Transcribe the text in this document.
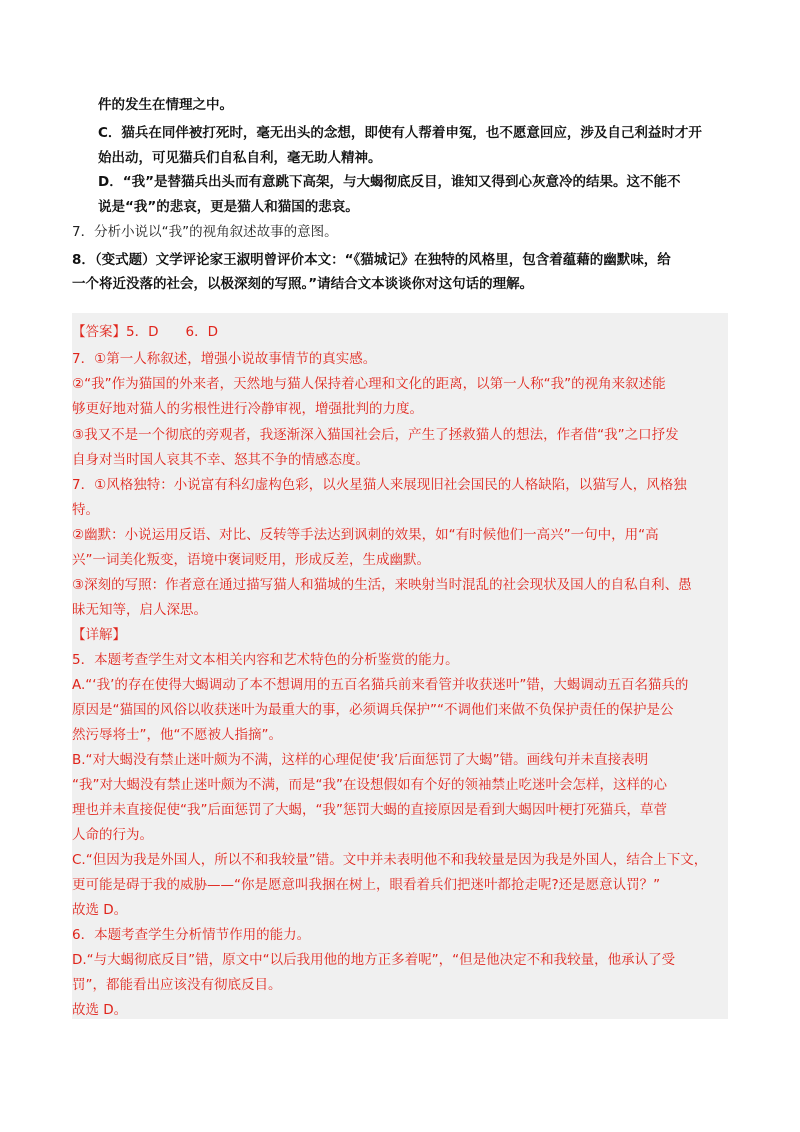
件的发生在情理之中。
C．猫兵在同伴被打死时，毫无出头的念想，即使有人帮着申冤，也不愿意回应，涉及自己利益时才开
始出动，可见猫兵们自私自利，毫无助人精神。
D．“我”是替猫兵出头而有意跳下高架，与大蝎彻底反目，谁知又得到心灰意冷的结果。这不能不
说是“我”的悲哀，更是猫人和猫国的悲哀。
7．分析小说以“我”的视角叙述故事的意图。
8．（变式题）文学评论家王淑明曾评价本文：“《猫城记》在独特的风格里，包含着蕴藉的幽默味，给
一个将近没落的社会，以极深刻的写照。”请结合文本谈谈你对这句话的理解。
【答案】5．D　　6．D
7．①第一人称叙述，增强小说故事情节的真实感。
②“我”作为猫国的外来者，天然地与猫人保持着心理和文化的距离，以第一人称“我”的视角来叙述能
够更好地对猫人的劣根性进行冷静审视，增强批判的力度。
③我又不是一个彻底的旁观者，我逐渐深入猫国社会后，产生了拯救猫人的想法，作者借“我”之口抒发
自身对当时国人哀其不幸、怒其不争的情感态度。
7．①风格独特：小说富有科幻虚构色彩，以火星猫人来展现旧社会国民的人格缺陷，以猫写人，风格独
特。
②幽默：小说运用反语、对比、反转等手法达到讽刺的效果，如“有时候他们一高兴”一句中，用“高
兴”一词美化叛变，语境中褒词贬用，形成反差，生成幽默。
③深刻的写照：作者意在通过描写猫人和猫城的生活，来映射当时混乱的社会现状及国人的自私自利、愚
昧无知等，启人深思。
【详解】
5．本题考查学生对文本相关内容和艺术特色的分析鉴赏的能力。
A.“‘我’的存在使得大蝎调动了本不想调用的五百名猫兵前来看管并收获迷叶”错，大蝎调动五百名猫兵的
原因是“猫国的风俗以收获迷叶为最重大的事，必须调兵保护”“不调他们来做不负保护责任的保护是公
然污辱将士”，他“不愿被人指摘”。
B.“对大蝎没有禁止迷叶颇为不满，这样的心理促使‘我’后面惩罚了大蝎”错。画线句并未直接表明
“我”对大蝎没有禁止迷叶颇为不满，而是“我”在设想假如有个好的领袖禁止吃迷叶会怎样，这样的心
理也并未直接促使“我”后面惩罚了大蝎，“我”惩罚大蝎的直接原因是看到大蝎因叶梗打死猫兵，草菅
人命的行为。
C.“但因为我是外国人，所以不和我较量”错。文中并未表明他不和我较量是因为我是外国人，结合上下文，
更可能是碍于我的威胁——“你是愿意叫我捆在树上，眼看着兵们把迷叶都抢走呢?还是愿意认罚？”
故选 D。
6．本题考查学生分析情节作用的能力。
D.“与大蝎彻底反目”错，原文中“以后我用他的地方正多着呢”，“但是他决定不和我较量，他承认了受
罚”，都能看出应该没有彻底反目。
故选 D。
